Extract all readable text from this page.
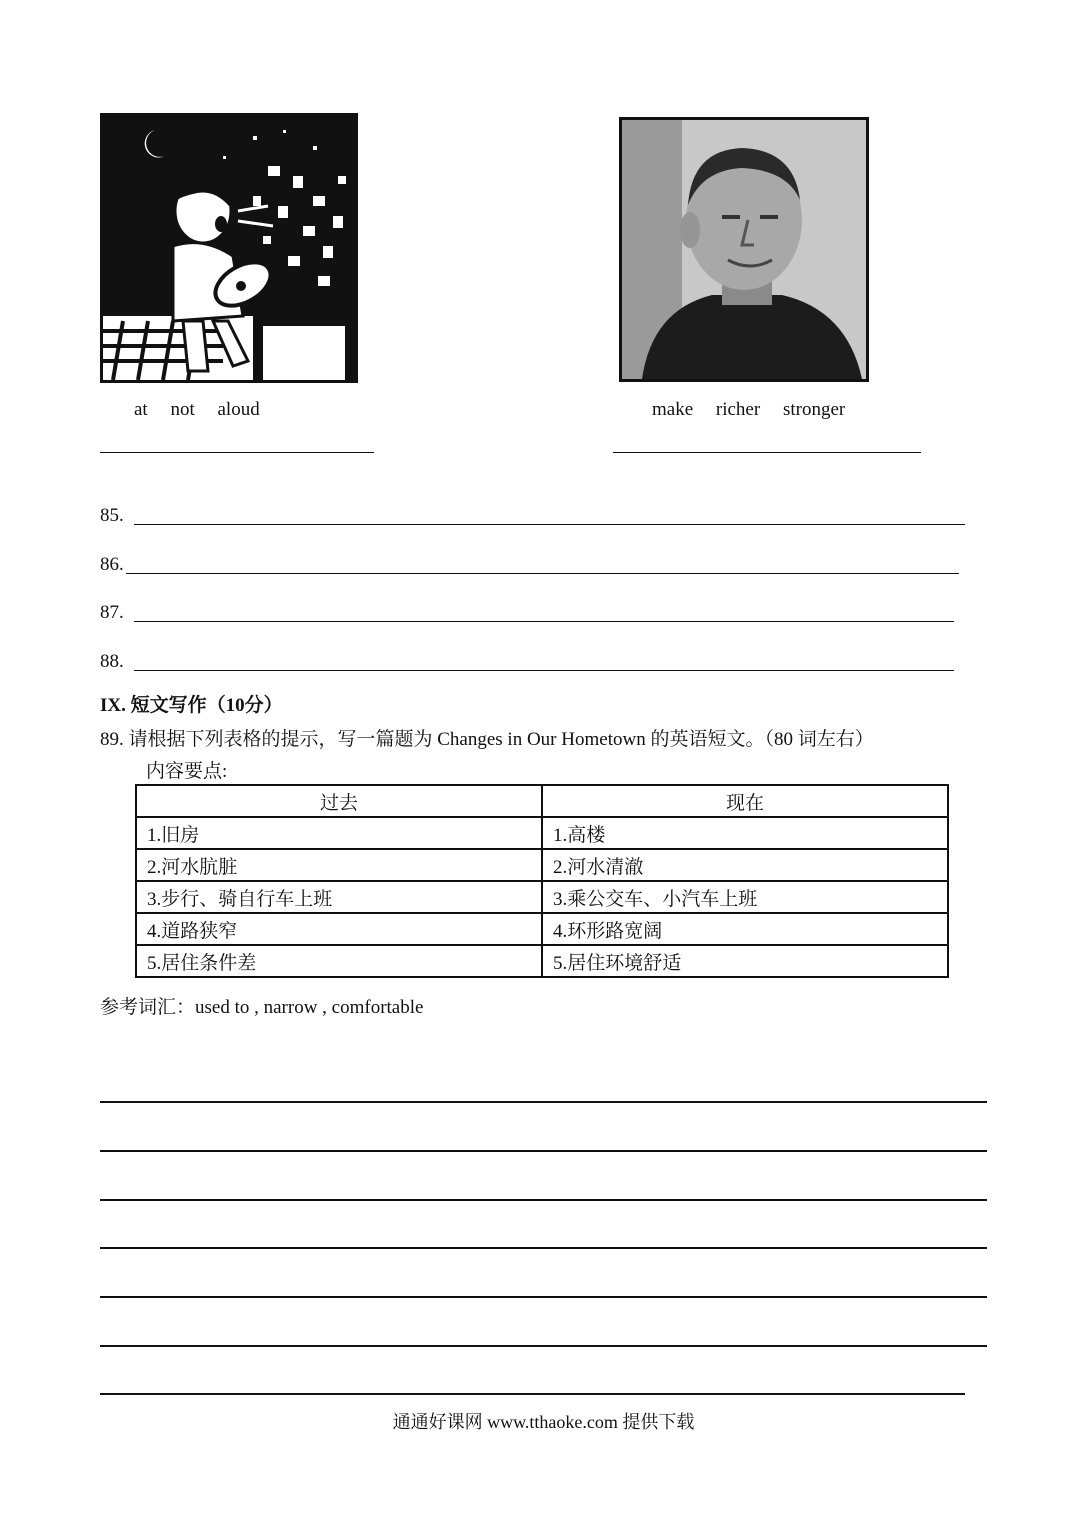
at not aloud	make richer stronger
85.
86.
87.
88.
IX. 短文写作（10分）
89. 请根据下列表格的提示，写一篇题为 Changes in Our Hometown 的英语短文。（80 词左右）
内容要点:
过去	现在
1.旧房	1.高楼
2.河水肮脏	2.河水清澈
3.步行、骑自行车上班	3.乘公交车、小汽车上班
4.道路狭窄	4.环形路宽阔
5.居住条件差	5.居住环境舒适
参考词汇：used to , narrow , comfortable
通通好课网 www.tthaoke.com 提供下载
